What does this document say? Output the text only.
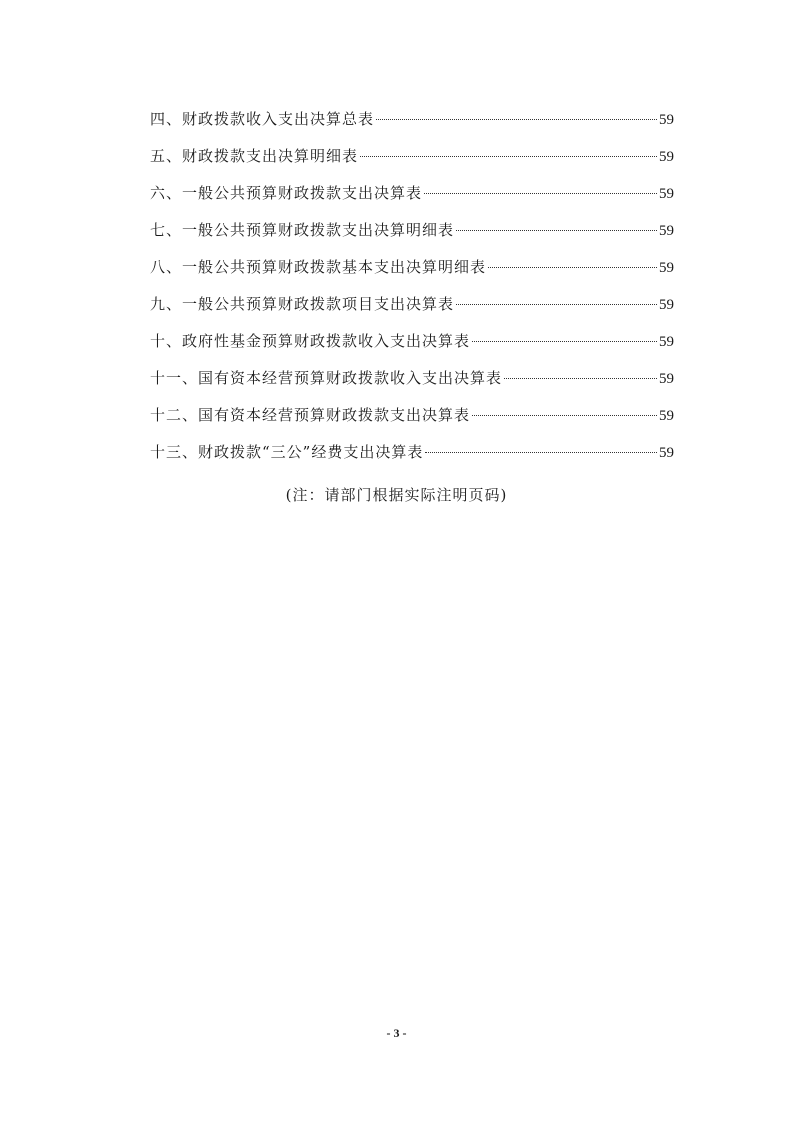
四、财政拨款收入支出决算总表	59
五、财政拨款支出决算明细表	59
六、一般公共预算财政拨款支出决算表	59
七、一般公共预算财政拨款支出决算明细表	59
八、一般公共预算财政拨款基本支出决算明细表	59
九、一般公共预算财政拨款项目支出决算表	59
十、政府性基金预算财政拨款收入支出决算表	59
十一、国有资本经营预算财政拨款收入支出决算表	59
十二、国有资本经营预算财政拨款支出决算表	59
十三、财政拨款“三公”经费支出决算表	59
(注：请部门根据实际注明页码)
- 3 -
